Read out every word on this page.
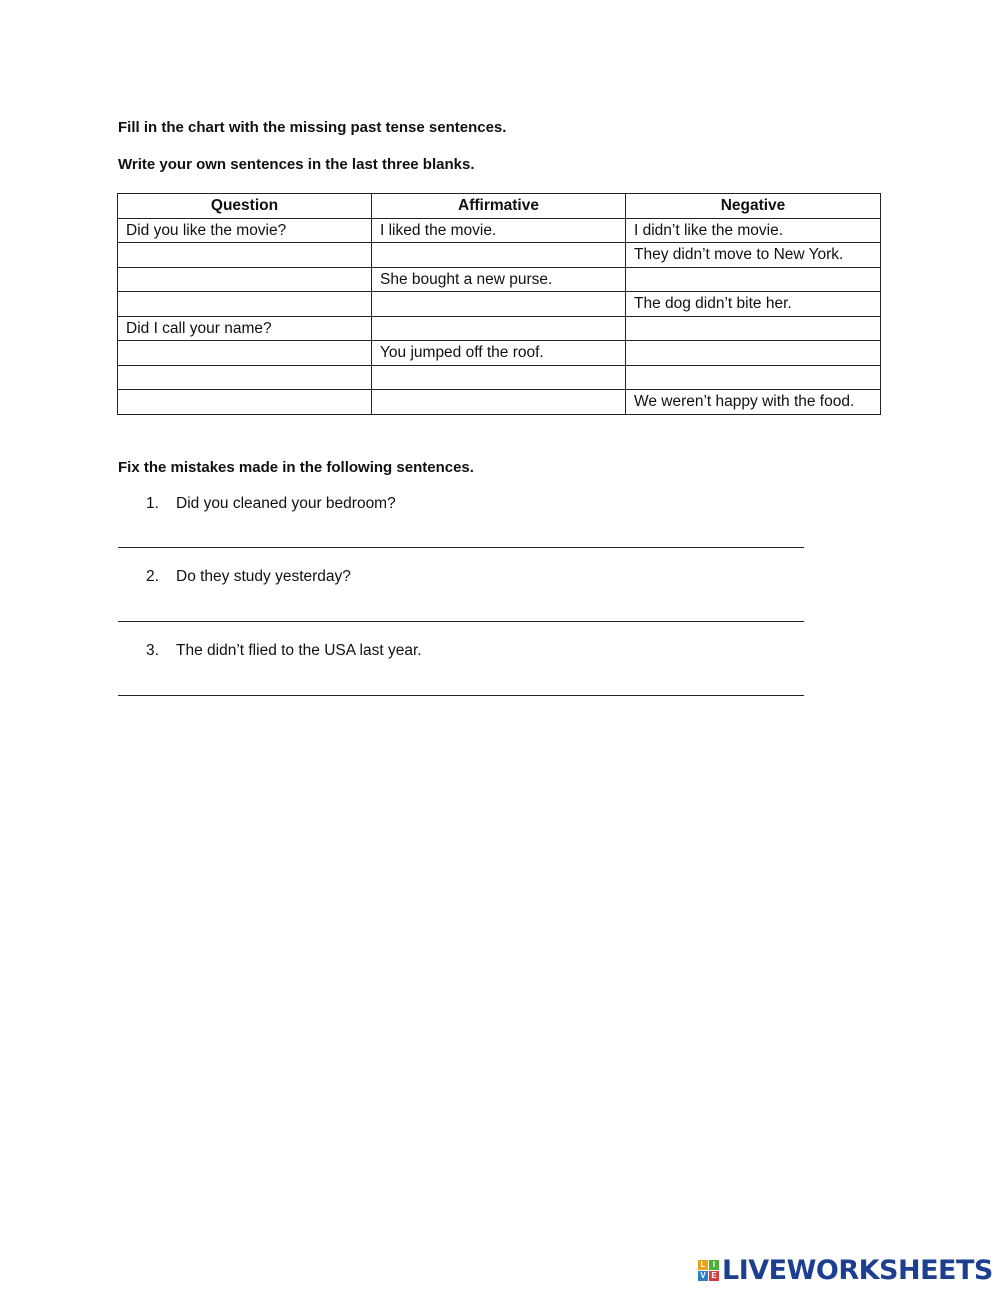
Fill in the chart with the missing past tense sentences.

Write your own sentences in the last three blanks.

Question	Affirmative	Negative
Did you like the movie?	I liked the movie.	I didn’t like the movie.
		They didn’t move to New York.
	She bought a new purse.	
		The dog didn’t bite her.
Did I call your name?		
	You jumped off the roof.	

		We weren’t happy with the food.

Fix the mistakes made in the following sentences.

1. Did you cleaned your bedroom?
2. Do they study yesterday?
3. The didn’t flied to the USA last year.
L I
V E LIVEWORKSHEETS
